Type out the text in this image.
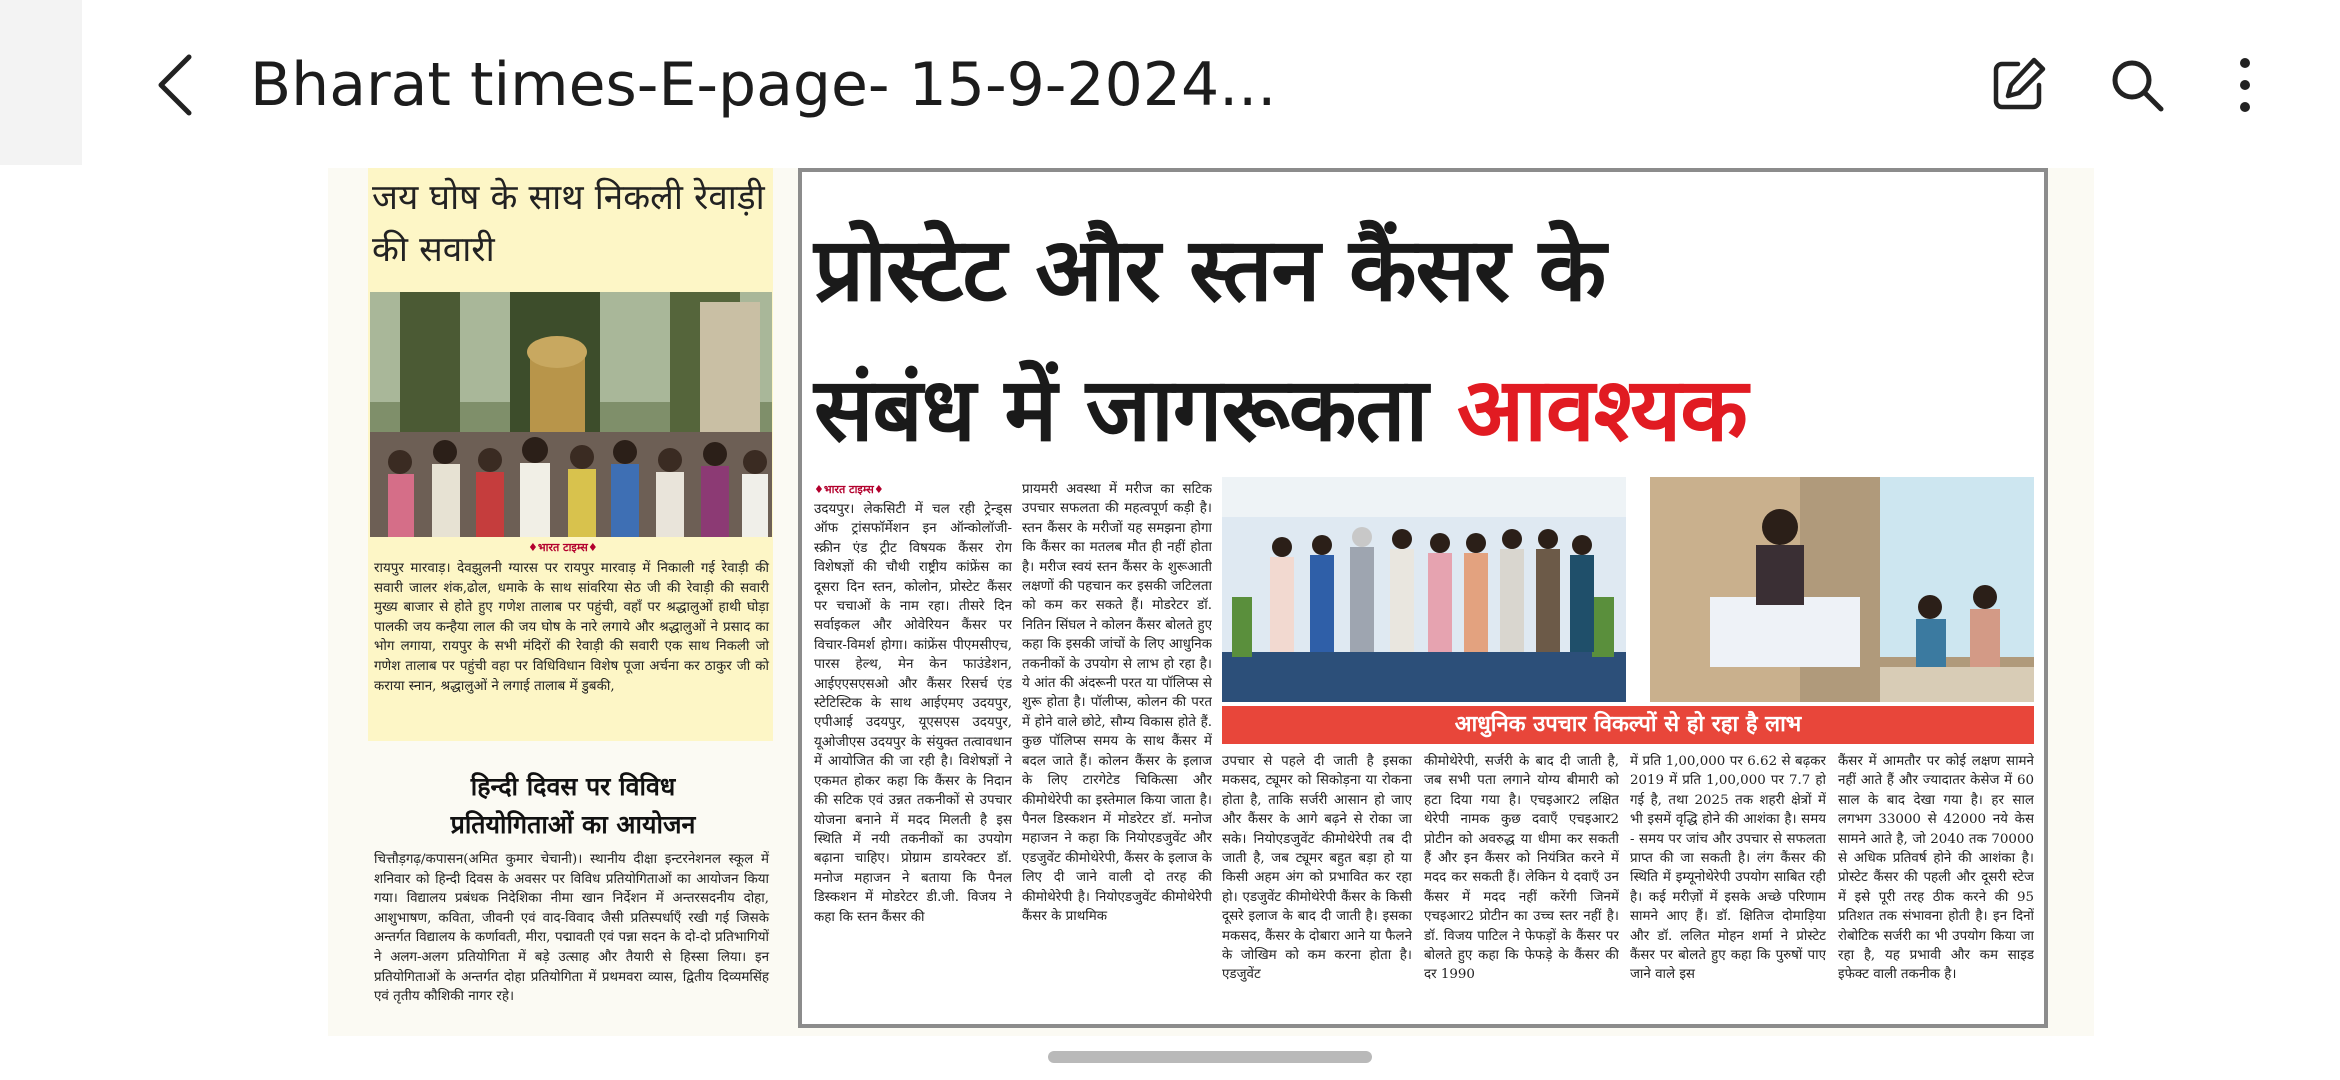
Bharat times-E-page- 15-9-2024...
जय घोष के साथ निकली रेवाड़ी की सवारी
♦भारत टाइम्स♦
रायपुर मारवाड़। देवझुलनी ग्यारस पर रायपुर मारवाड़ में निकाली गई रेवाड़ी की सवारी जालर शंक,ढोल, धमाके के साथ सांवरिया सेठ जी की रेवाड़ी की सवारी मुख्य बाजार से होते हुए गणेश तालाब पर पहुंची, वहाँ पर श्रद्धालुओं हाथी घोड़ा पालकी जय कन्हैया लाल की जय घोष के नारे लगाये और श्रद्धालुओं ने प्रसाद का भोग लगाया, रायपुर के सभी मंदिरों की रेवाड़ी की सवारी एक साथ निकली जो गणेश तालाब पर पहुंची वहा पर विधिविधान विशेष पूजा अर्चना कर ठाकुर जी को कराया स्नान, श्रद्धालुओं ने लगाई तालाब में डुबकी,
हिन्दी दिवस पर विविध प्रतियोगिताओं का आयोजन
चित्तौड़गढ़/कपासन(अमित कुमार चेचानी)। स्थानीय दीक्षा इन्टरनेशनल स्कूल में शनिवार को हिन्दी दिवस के अवसर पर विविध प्रतियोगिताओं का आयोजन किया गया। विद्यालय प्रबंधक निदेशिका नीमा खान निर्देशन में अन्तरसदनीय दोहा, आशुभाषण, कविता, जीवनी एवं वाद-विवाद जैसी प्रतिस्पर्धाएँ रखी गई जिसके अन्तर्गत विद्यालय के कर्णावती, मीरा, पद्मावती एवं पन्ना सदन के दो-दो प्रतिभागियों ने अलग-अलग प्रतियोगिता में बड़े उत्साह और तैयारी से हिस्सा लिया। इन प्रतियोगिताओं के अन्तर्गत दोहा प्रतियोगिता में प्रथमवरा व्यास, द्वितीय दिव्यमसिंह एवं तृतीय कौशिकी नागर रहे।
प्रोस्टेट और स्तन कैंसर के
संबंध में जागरूकता आवश्यक
♦भारत टाइम्स♦
उदयपुर। लेकसिटी में चल रही ट्रेन्ड्स ऑफ ट्रांसफॉर्मेशन इन ऑन्कोलॉजी- स्क्रीन एंड ट्रीट विषयक कैंसर रोग विशेषज्ञों की चौथी राष्ट्रीय कांफ्रेंस का दूसरा दिन स्तन, कोलोन, प्रोस्टेट कैंसर पर चचाओं के नाम रहा। तीसरे दिन सर्वाइकल और ओवेरियन कैंसर पर विचार-विमर्श होगा। कांफ्रेंस पीएमसीएच, पारस हेल्थ, मेन केन फाउंडेशन, आईएएसएसओ और कैंसर रिसर्च एंड स्टेटिस्टिक के साथ आईएमए उदयपुर, एपीआई उदयपुर, यूएसएस उदयपुर, यूओजीएस उदयपुर के संयुक्त तत्वावधान में आयोजित की जा रही है। विशेषज्ञों ने एकमत होकर कहा कि कैंसर के निदान की सटिक एवं उन्नत तकनीकों से उपचार योजना बनाने में मदद मिलती है इस स्थिति में नयी तकनीकों का उपयोग बढ़ाना चाहिए। प्रोग्राम डायरेक्टर डॉ. मनोज महाजन ने बताया कि पैनल डिस्कशन में मोडरेटर डी.जी. विजय ने कहा कि स्तन कैंसर की
प्रायमरी अवस्था में मरीज का सटिक उपचार सफलता की महत्वपूर्ण कड़ी है। स्तन कैंसर के मरीजों यह समझना होगा कि कैंसर का मतलब मौत ही नहीं होता है। मरीज स्वयं स्तन कैंसर के शुरूआती लक्षणों की पहचान कर इसकी जटिलता को कम कर सकते हैं। मोडरेटर डॉ. नितिन सिंघल ने कोलन कैंसर बोलते हुए कहा कि इसकी जांचों के लिए आधुनिक तकनीकों के उपयोग से लाभ हो रहा है। ये आंत की अंदरूनी परत या पॉलिप्स से शुरू होता है। पॉलीप्स, कोलन की परत में होने वाले छोटे, सौम्य विकास होते हैं. कुछ पॉलिप्स समय के साथ कैंसर में बदल जाते हैं। कोलन कैंसर के इलाज के लिए टारगेटेड चिकित्सा और कीमोथेरेपी का इस्तेमाल किया जाता है। पैनल डिस्कशन में मोडरेटर डॉ. मनोज महाजन ने कहा कि नियोएडजुवेंट और एडजुवेंट कीमोथेरेपी, कैंसर के इलाज के लिए दी जाने वाली दो तरह की कीमोथेरेपी है। नियोएडजुवेंट कीमोथेरेपी कैंसर के प्राथमिक
आधुनिक उपचार विकल्पों से हो रहा है लाभ
उपचार से पहले दी जाती है इसका मकसद, ट्यूमर को सिकोड़ना या रोकना होता है, ताकि सर्जरी आसान हो जाए और कैंसर के आगे बढ़ने से रोका जा सके। नियोएडजुवेंट कीमोथेरेपी तब दी जाती है, जब ट्यूमर बहुत बड़ा हो या किसी अहम अंग को प्रभावित कर रहा हो। एडजुवेंट कीमोथेरेपी कैंसर के किसी दूसरे इलाज के बाद दी जाती है। इसका मकसद, कैंसर के दोबारा आने या फैलने के जोखिम को कम करना होता है। एडजुवेंट
कीमोथेरेपी, सर्जरी के बाद दी जाती है, जब सभी पता लगाने योग्य बीमारी को हटा दिया गया है। एचइआर2 लक्षित थेरेपी नामक कुछ दवाएँ एचइआर2 प्रोटीन को अवरुद्ध या धीमा कर सकती हैं और इन कैंसर को नियंत्रित करने में मदद कर सकती हैं। लेकिन ये दवाएँ उन कैंसर में मदद नहीं करेंगी जिनमें एचइआर2 प्रोटीन का उच्च स्तर नहीं है। डॉ. विजय पाटिल ने फेफड़ों के कैंसर पर बोलते हुए कहा कि फेफड़े के कैंसर की दर 1990
में प्रति 1,00,000 पर 6.62 से बढ़कर 2019 में प्रति 1,00,000 पर 7.7 हो गई है, तथा 2025 तक शहरी क्षेत्रों में भी इसमें वृद्धि होने की आशंका है। समय - समय पर जांच और उपचार से सफलता प्राप्त की जा सकती है। लंग कैंसर की स्थिति में इम्यूनोथेरेपी उपयोग साबित रही है। कई मरीज़ों में इसके अच्छे परिणाम सामने आए हैं। डॉ. क्षितिज दोमाड़िया और डॉ. ललित मोहन शर्मा ने प्रोस्टेट कैंसर पर बोलते हुए कहा कि पुरुषों पाए जाने वाले इस
कैंसर में आमतौर पर कोई लक्षण सामने नहीं आते हैं और ज्यादातर केसेज में 60 साल के बाद देखा गया है। हर साल लगभग 33000 से 42000 नये केस सामने आते है, जो 2040 तक 70000 से अधिक प्रतिवर्ष होने की आशंका है। प्रोस्टेट कैंसर की पहली और दूसरी स्टेज में इसे पूरी तरह ठीक करने की 95 प्रतिशत तक संभावना होती है। इन दिनों रोबोटिक सर्जरी का भी उपयोग किया जा रहा है, यह प्रभावी और कम साइड इफेक्ट वाली तकनीक है।
